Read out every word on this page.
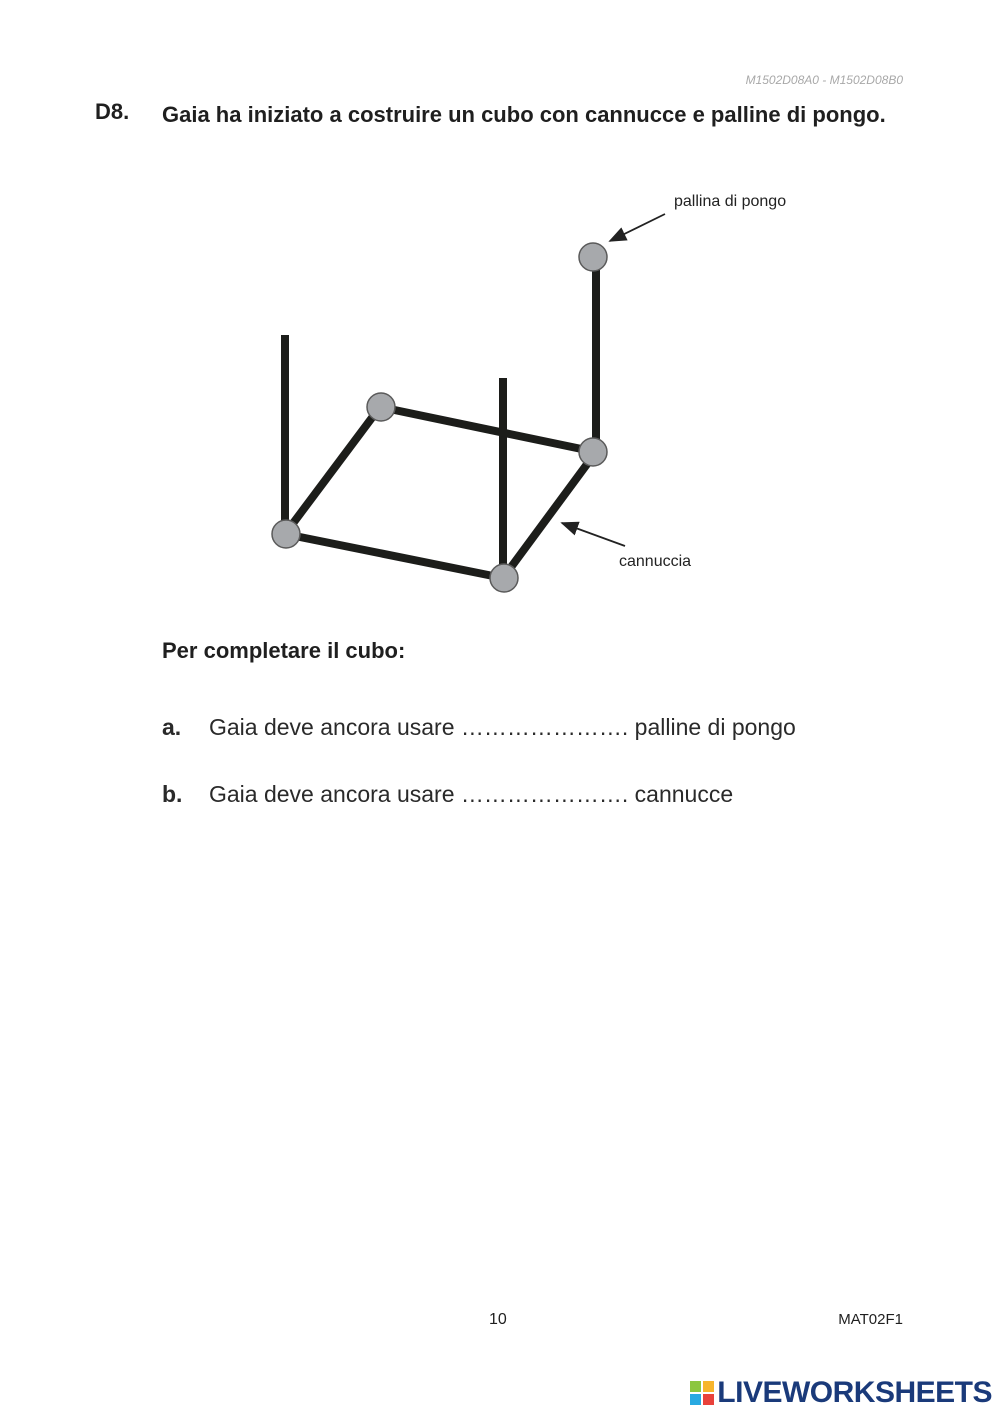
M1502D08A0 - M1502D08B0
D8. Gaia ha iniziato a costruire un cubo con cannucce e palline di pongo.
pallina di pongo
cannuccia
Per completare il cubo:
a. Gaia deve ancora usare …………………. palline di pongo
b. Gaia deve ancora usare …………………. cannucce
10	MAT02F1
LIVEWORKSHEETS
